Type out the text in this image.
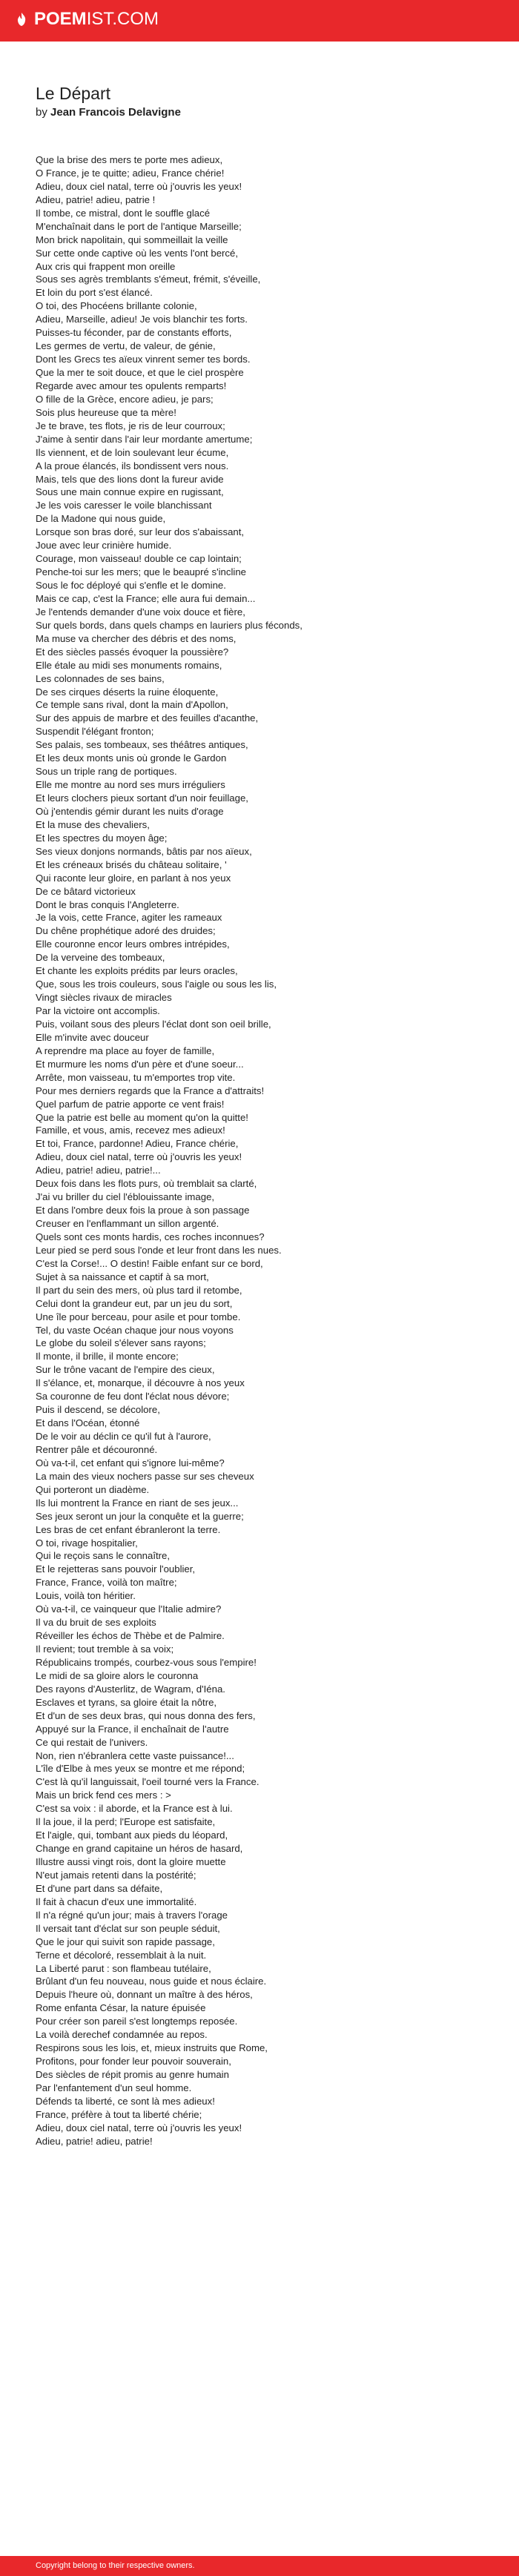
POEM IST.COM
Le Départ
by Jean Francois Delavigne
Que la brise des mers te porte mes adieux,
O France, je te quitte; adieu, France chérie!
Adieu, doux ciel natal, terre où j'ouvris les yeux!
Adieu, patrie! adieu, patrie !
Il tombe, ce mistral, dont le souffle glacé
M'enchaînait dans le port de l'antique Marseille;
Mon brick napolitain, qui sommeillait la veille
Sur cette onde captive où les vents l'ont bercé,
Aux cris qui frappent mon oreille
Sous ses agrès tremblants s'émeut, frémit, s'éveille,
Et loin du port s'est élancé.
O toi, des Phocéens brillante colonie,
Adieu, Marseille, adieu! Je vois blanchir tes forts.
Puisses-tu féconder, par de constants efforts,
Les germes de vertu, de valeur, de génie,
Dont les Grecs tes aïeux vinrent semer tes bords.
Que la mer te soit douce, et que le ciel prospère
Regarde avec amour tes opulents remparts!
O fille de la Grèce, encore adieu, je pars;
Sois plus heureuse que ta mère!
Je te brave, tes flots, je ris de leur courroux;
J'aime à sentir dans l'air leur mordante amertume;
Ils viennent, et de loin soulevant leur écume,
A la proue élancés, ils bondissent vers nous.
Mais, tels que des lions dont la fureur avide
Sous une main connue expire en rugissant,
Je les vois caresser le voile blanchissant
De la Madone qui nous guide,
Lorsque son bras doré, sur leur dos s'abaissant,
Joue avec leur crinière humide.
Courage, mon vaisseau! double ce cap lointain;
Penche-toi sur les mers; que le beaupré s'incline
Sous le foc déployé qui s'enfle et le domine.
Mais ce cap, c'est la France; elle aura fui demain...
Je l'entends demander d'une voix douce et fière,
Sur quels bords, dans quels champs en lauriers plus féconds,
Ma muse va chercher des débris et des noms,
Et des siècles passés évoquer la poussière?
Elle étale au midi ses monuments romains,
Les colonnades de ses bains,
De ses cirques déserts la ruine éloquente,
Ce temple sans rival, dont la main d'Apollon,
Sur des appuis de marbre et des feuilles d'acanthe,
Suspendit l'élégant fronton;
Ses palais, ses tombeaux, ses théâtres antiques,
Et les deux monts unis où gronde le Gardon
Sous un triple rang de portiques.
Elle me montre au nord ses murs irréguliers
Et leurs clochers pieux sortant d'un noir feuillage,
Où j'entendis gémir durant les nuits d'orage
Et la muse des chevaliers,
Et les spectres du moyen âge;
Ses vieux donjons normands, bâtis par nos aïeux,
Et les créneaux brisés du château solitaire, '
Qui raconte leur gloire, en parlant à nos yeux
De ce bâtard victorieux
Dont le bras conquis l'Angleterre.
Je la vois, cette France, agiter les rameaux
Du chêne prophétique adoré des druides;
Elle couronne encor leurs ombres intrépides,
De la verveine des tombeaux,
Et chante les exploits prédits par leurs oracles,
Que, sous les trois couleurs, sous l'aigle ou sous les lis,
Vingt siècles rivaux de miracles
Par la victoire ont accomplis.
Puis, voilant sous des pleurs l'éclat dont son oeil brille,
Elle m'invite avec douceur
A reprendre ma place au foyer de famille,
Et murmure les noms d'un père et d'une soeur...
Arrête, mon vaisseau, tu m'emportes trop vite.
Pour mes derniers regards que la France a d'attraits!
Quel parfum de patrie apporte ce vent frais!
Que la patrie est belle au moment qu'on la quitte!
Famille, et vous, amis, recevez mes adieux!
Et toi, France, pardonne! Adieu, France chérie,
Adieu, doux ciel natal, terre où j'ouvris les yeux!
Adieu, patrie! adieu, patrie!...
Deux fois dans les flots purs, où tremblait sa clarté,
J'ai vu briller du ciel l'éblouissante image,
Et dans l'ombre deux fois la proue à son passage
Creuser en l'enflammant un sillon argenté.
Quels sont ces monts hardis, ces roches inconnues?
Leur pied se perd sous l'onde et leur front dans les nues.
C'est la Corse!... O destin! Faible enfant sur ce bord,
Sujet à sa naissance et captif à sa mort,
Il part du sein des mers, où plus tard il retombe,
Celui dont la grandeur eut, par un jeu du sort,
Une île pour berceau, pour asile et pour tombe.
Tel, du vaste Océan chaque jour nous voyons
Le globe du soleil s'élever sans rayons;
Il monte, il brille, il monte encore;
Sur le trône vacant de l'empire des cieux,
Il s'élance, et, monarque, il découvre à nos yeux
Sa couronne de feu dont l'éclat nous dévore;
Puis il descend, se décolore,
Et dans l'Océan, étonné
De le voir au déclin ce qu'il fut à l'aurore,
Rentrer pâle et découronné.
Où va-t-il, cet enfant qui s'ignore lui-même?
La main des vieux nochers passe sur ses cheveux
Qui porteront un diadème.
Ils lui montrent la France en riant de ses jeux...
Ses jeux seront un jour la conquête et la guerre;
Les bras de cet enfant ébranleront la terre.
O toi, rivage hospitalier,
Qui le reçois sans le connaître,
Et le rejetteras sans pouvoir l'oublier,
France, France, voilà ton maître;
Louis, voilà ton héritier.
Où va-t-il, ce vainqueur que l'Italie admire?
Il va du bruit de ses exploits
Réveiller les échos de Thèbe et de Palmire.
Il revient; tout tremble à sa voix;
Républicains trompés, courbez-vous sous l'empire!
Le midi de sa gloire alors le couronna
Des rayons d'Austerlitz, de Wagram, d'Iéna.
Esclaves et tyrans, sa gloire était la nôtre,
Et d'un de ses deux bras, qui nous donna des fers,
Appuyé sur la France, il enchaînait de l'autre
Ce qui restait de l'univers.
Non, rien n'ébranlera cette vaste puissance!...
L'île d'Elbe à mes yeux se montre et me répond;
C'est là qu'il languissait, l'oeil tourné vers la France.
Mais un brick fend ces mers : >
C'est sa voix : il aborde, et la France est à lui.
Il la joue, il la perd; l'Europe est satisfaite,
Et l'aigle, qui, tombant aux pieds du léopard,
Change en grand capitaine un héros de hasard,
Illustre aussi vingt rois, dont la gloire muette
N'eut jamais retenti dans la postérité;
Et d'une part dans sa défaite,
Il fait à chacun d'eux une immortalité.
Il n'a régné qu'un jour; mais à travers l'orage
Il versait tant d'éclat sur son peuple séduit,
Que le jour qui suivit son rapide passage,
Terne et décoloré, ressemblait à la nuit.
La Liberté parut : son flambeau tutélaire,
Brûlant d'un feu nouveau, nous guide et nous éclaire.
Depuis l'heure où, donnant un maître à des héros,
Rome enfanta César, la nature épuisée
Pour créer son pareil s'est longtemps reposée.
La voilà derechef condamnée au repos.
Respirons sous les lois, et, mieux instruits que Rome,
Profitons, pour fonder leur pouvoir souverain,
Des siècles de répit promis au genre humain
Par l'enfantement d'un seul homme.
Défends ta liberté, ce sont là mes adieux!
France, préfère à tout ta liberté chérie;
Adieu, doux ciel natal, terre où j'ouvris les yeux!
Adieu, patrie! adieu, patrie!
Copyright belong to their respective owners.
